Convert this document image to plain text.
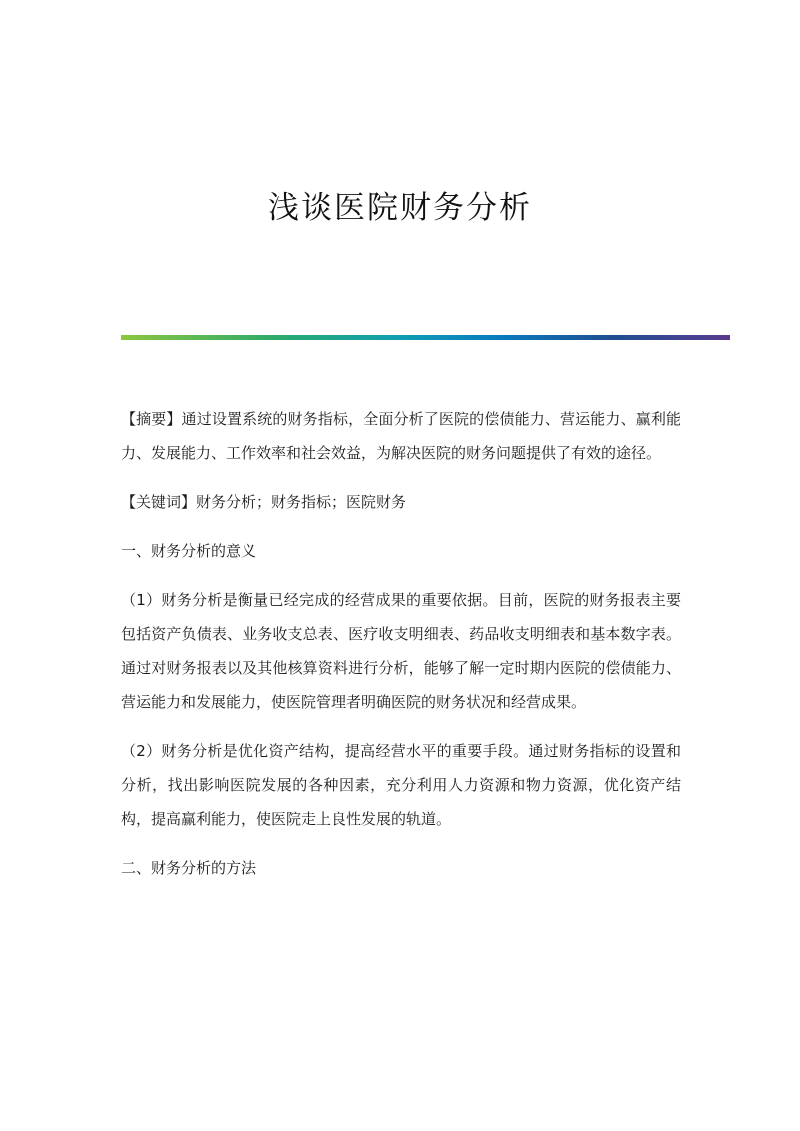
浅谈医院财务分析

【摘要】通过设置系统的财务指标，全面分析了医院的偿债能力、营运能力、赢利能力、发展能力、工作效率和社会效益，为解决医院的财务问题提供了有效的途径。

【关键词】财务分析；财务指标；医院财务

一、财务分析的意义

（1）财务分析是衡量已经完成的经营成果的重要依据。目前，医院的财务报表主要包括资产负债表、业务收支总表、医疗收支明细表、药品收支明细表和基本数字表。通过对财务报表以及其他核算资料进行分析，能够了解一定时期内医院的偿债能力、营运能力和发展能力，使医院管理者明确医院的财务状况和经营成果。

（2）财务分析是优化资产结构，提高经营水平的重要手段。通过财务指标的设置和分析，找出影响医院发展的各种因素，充分利用人力资源和物力资源，优化资产结构，提高赢利能力，使医院走上良性发展的轨道。

二、财务分析的方法
